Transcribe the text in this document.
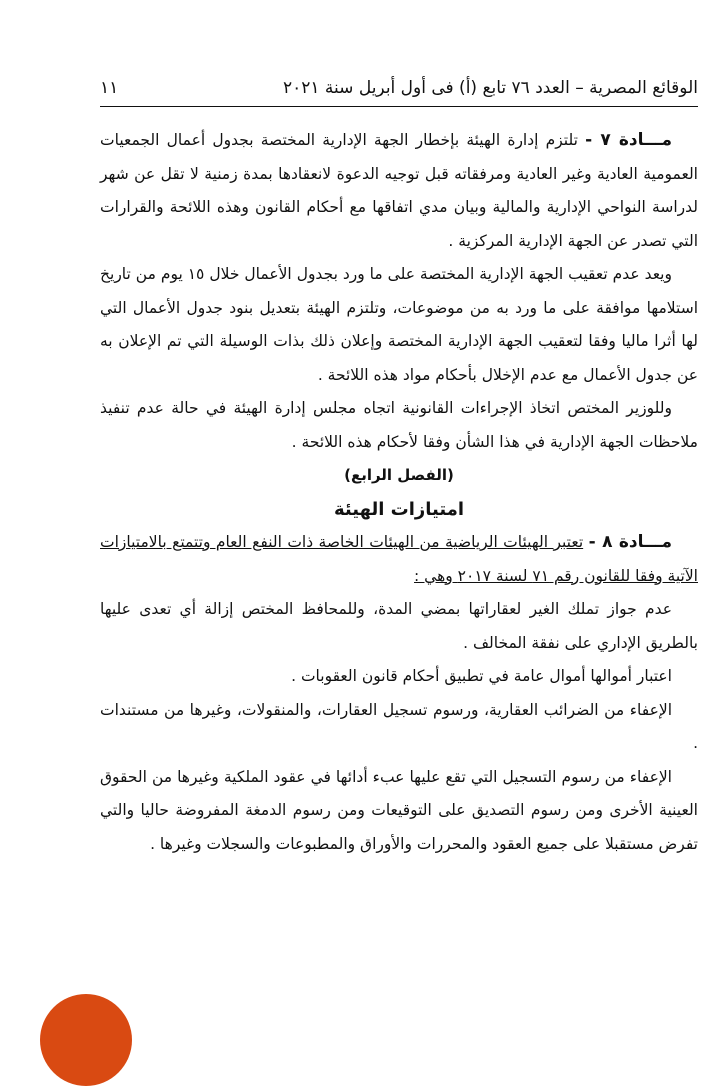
الوقائع المصرية – العدد ٧٦ تابع (أ) فى أول أبريل سنة ٢٠٢١
١١

مـــادة ٧ - تلتزم إدارة الهيئة بإخطار الجهة الإدارية المختصة بجدول أعمال الجمعيات العمومية العادية وغير العادية ومرفقاته قبل توجيه الدعوة لانعقادها بمدة زمنية لا تقل عن شهر لدراسة النواحي الإدارية والمالية وبيان مدي اتفاقها مع أحكام القانون وهذه اللائحة والقرارات التي تصدر عن الجهة الإدارية المركزية .

ويعد عدم تعقيب الجهة الإدارية المختصة على ما ورد بجدول الأعمال خلال ١٥ يوم من تاريخ استلامها موافقة على ما ورد به من موضوعات، وتلتزم الهيئة بتعديل بنود جدول الأعمال التي لها أثرا ماليا وفقا لتعقيب الجهة الإدارية المختصة وإعلان ذلك بذات الوسيلة التي تم الإعلان به عن جدول الأعمال مع عدم الإخلال بأحكام مواد هذه اللائحة .

وللوزير المختص اتخاذ الإجراءات القانونية اتجاه مجلس إدارة الهيئة في حالة عدم تنفيذ ملاحظات الجهة الإدارية في هذا الشأن وفقا لأحكام هذه اللائحة .

(الفصل الرابع)

امتيازات الهيئة

مـــادة ٨ - تعتبر الهيئات الرياضية من الهيئات الخاصة ذات النفع العام وتتمتع بالامتيازات الآتية وفقا للقانون رقم ٧١ لسنة ٢٠١٧ وهي :

عدم جواز تملك الغير لعقاراتها بمضي المدة، وللمحافظ المختص إزالة أي تعدى عليها بالطريق الإداري على نفقة المخالف .

اعتبار أموالها أموال عامة في تطبيق أحكام قانون العقوبات .

الإعفاء من الضرائب العقارية، ورسوم تسجيل العقارات، والمنقولات، وغيرها من مستندات .

الإعفاء من رسوم التسجيل التي تقع عليها عبء أدائها في عقود الملكية وغيرها من الحقوق العينية الأخرى ومن رسوم التصديق على التوقيعات ومن رسوم الدمغة المفروضة حاليا والتي تفرض مستقبلا على جميع العقود والمحررات والأوراق والمطبوعات والسجلات وغيرها .
